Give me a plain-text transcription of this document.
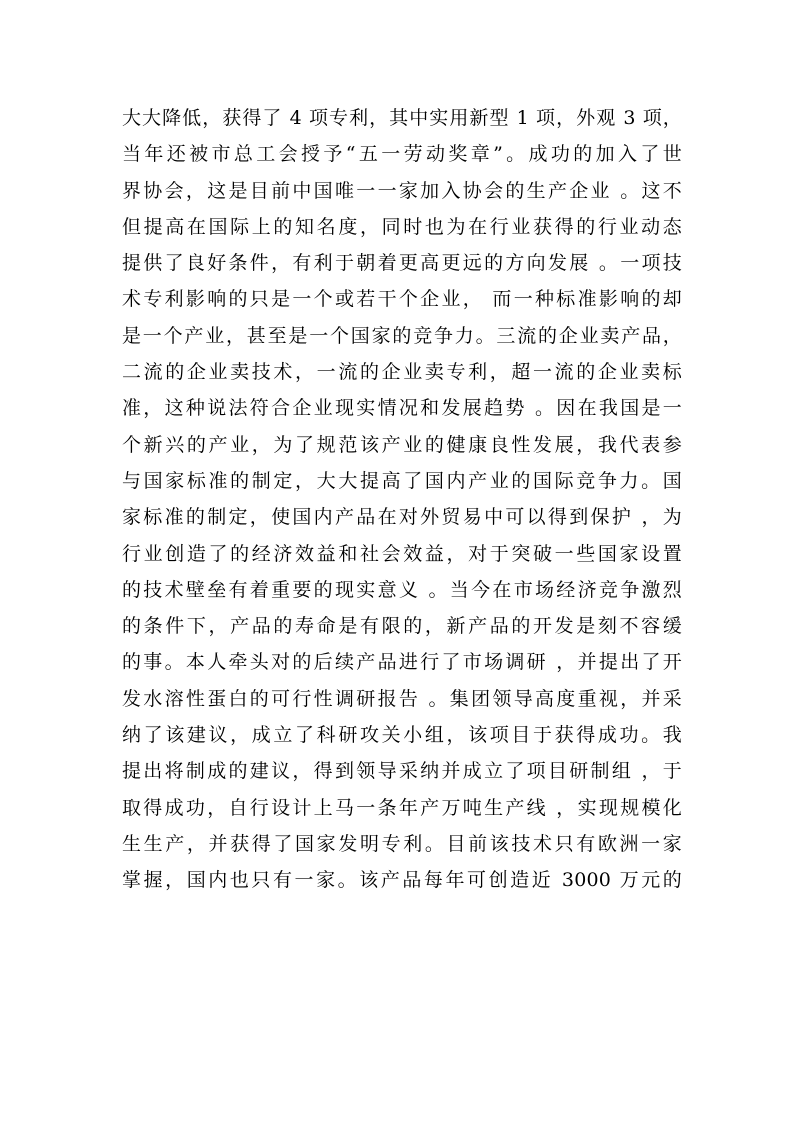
大大降低，获得了 4 项专利，其中实用新型 1 项，外观 3 项，
当年还被市总工会授予“五一劳动奖章”。成功的加入了世
界协会，这是目前中国唯一一家加入协会的生产企业 。这不
但提高在国际上的知名度，同时也为在行业获得的行业动态
提供了良好条件，有利于朝着更高更远的方向发展 。一项技
术专利影响的只是一个或若干个企业， 而一种标准影响的却
是一个产业，甚至是一个国家的竞争力。三流的企业卖产品，
二流的企业卖技术，一流的企业卖专利，超一流的企业卖标
准，这种说法符合企业现实情况和发展趋势 。因在我国是一
个新兴的产业，为了规范该产业的健康良性发展，我代表参
与国家标准的制定，大大提高了国内产业的国际竞争力。国
家标准的制定，使国内产品在对外贸易中可以得到保护 ，为
行业创造了的经济效益和社会效益，对于突破一些国家设置
的技术壁垒有着重要的现实意义 。当今在市场经济竞争激烈
的条件下，产品的寿命是有限的，新产品的开发是刻不容缓
的事。本人牵头对的后续产品进行了市场调研 ，并提出了开
发水溶性蛋白的可行性调研报告 。集团领导高度重视，并采
纳了该建议，成立了科研攻关小组，该项目于获得成功。我
提出将制成的建议，得到领导采纳并成立了项目研制组 ，于
取得成功，自行设计上马一条年产万吨生产线 ，实现规模化
生生产，并获得了国家发明专利。目前该技术只有欧洲一家
掌握，国内也只有一家。该产品每年可创造近 3000 万元的
